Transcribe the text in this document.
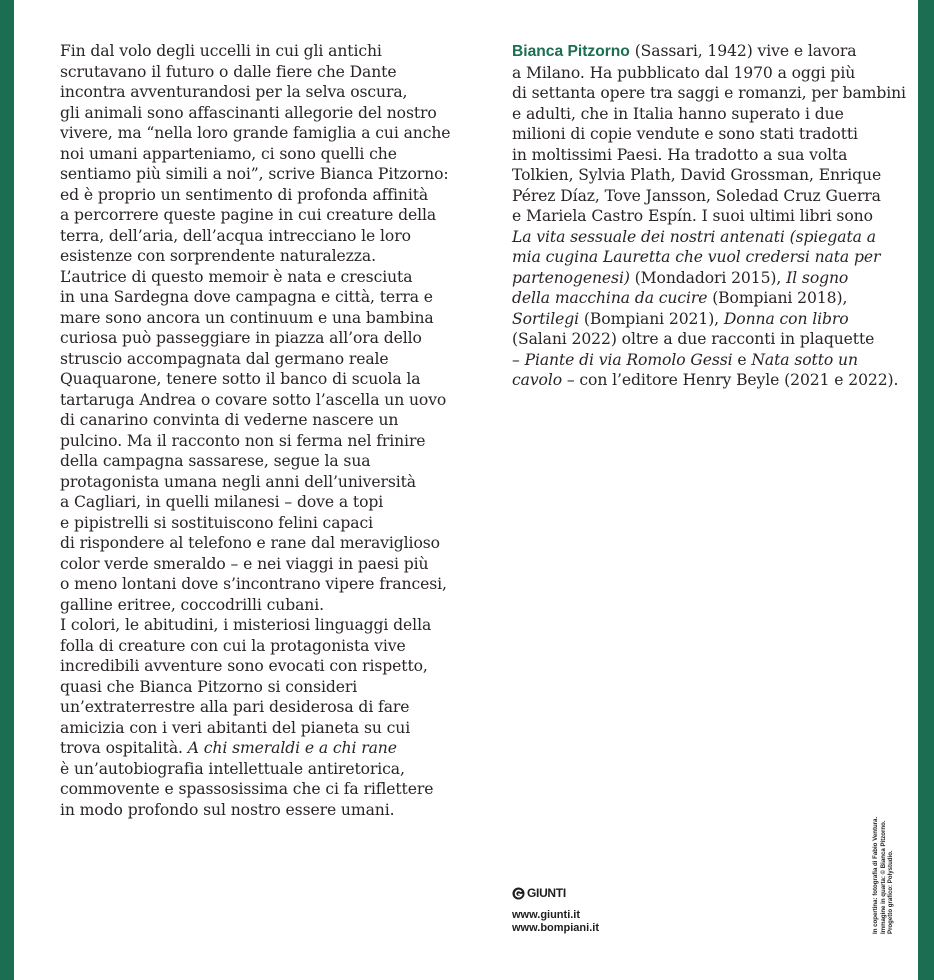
Fin dal volo degli uccelli in cui gli antichi
scrutavano il futuro o dalle fiere che Dante
incontra avventurandosi per la selva oscura,
gli animali sono affascinanti allegorie del nostro
vivere, ma “nella loro grande famiglia a cui anche
noi umani apparteniamo, ci sono quelli che
sentiamo più simili a noi”, scrive Bianca Pitzorno:
ed è proprio un sentimento di profonda affinità
a percorrere queste pagine in cui creature della
terra, dell’aria, dell’acqua intrecciano le loro
esistenze con sorprendente naturalezza.

L’autrice di questo memoir è nata e cresciuta
in una Sardegna dove campagna e città, terra e
mare sono ancora un continuum e una bambina
curiosa può passeggiare in piazza all’ora dello
struscio accompagnata dal germano reale
Quaquarone, tenere sotto il banco di scuola la
tartaruga Andrea o covare sotto l’ascella un uovo
di canarino convinta di vederne nascere un
pulcino. Ma il racconto non si ferma nel frinire
della campagna sassarese, segue la sua
protagonista umana negli anni dell’università
a Cagliari, in quelli milanesi – dove a topi
e pipistrelli si sostituiscono felini capaci
di rispondere al telefono e rane dal meraviglioso
color verde smeraldo – e nei viaggi in paesi più
o meno lontani dove s’incontrano vipere francesi,
galline eritree, coccodrilli cubani.

I colori, le abitudini, i misteriosi linguaggi della
folla di creature con cui la protagonista vive
incredibili avventure sono evocati con rispetto,
quasi che Bianca Pitzorno si consideri
un’extraterrestre alla pari desiderosa di fare
amicizia con i veri abitanti del pianeta su cui
trova ospitalità. A chi smeraldi e a chi rane
è un’autobiografia intellettuale antiretorica,
commovente e spassosissima che ci fa riflettere
in modo profondo sul nostro essere umani.

Bianca Pitzorno (Sassari, 1942) vive e lavora
a Milano. Ha pubblicato dal 1970 a oggi più
di settanta opere tra saggi e romanzi, per bambini
e adulti, che in Italia hanno superato i due
milioni di copie vendute e sono stati tradotti
in moltissimi Paesi. Ha tradotto a sua volta
Tolkien, Sylvia Plath, David Grossman, Enrique
Pérez Díaz, Tove Jansson, Soledad Cruz Guerra
e Mariela Castro Espín. I suoi ultimi libri sono
La vita sessuale dei nostri antenati (spiegata a
mia cugina Lauretta che vuol credersi nata per
partenogenesi) (Mondadori 2015), Il sogno
della macchina da cucire (Bompiani 2018),
Sortilegi (Bompiani 2021), Donna con libro
(Salani 2022) oltre a due racconti in plaquette
– Piante di via Romolo Gessi e Nata sotto un
cavolo – con l’editore Henry Beyle (2021 e 2022).

GIUNTI
www.giunti.it
www.bompiani.it	In copertina: fotografia di Fabio Ventura. Immagine in quarta: © Bianca Pitzorno. Progetto grafico: Polystudio.
